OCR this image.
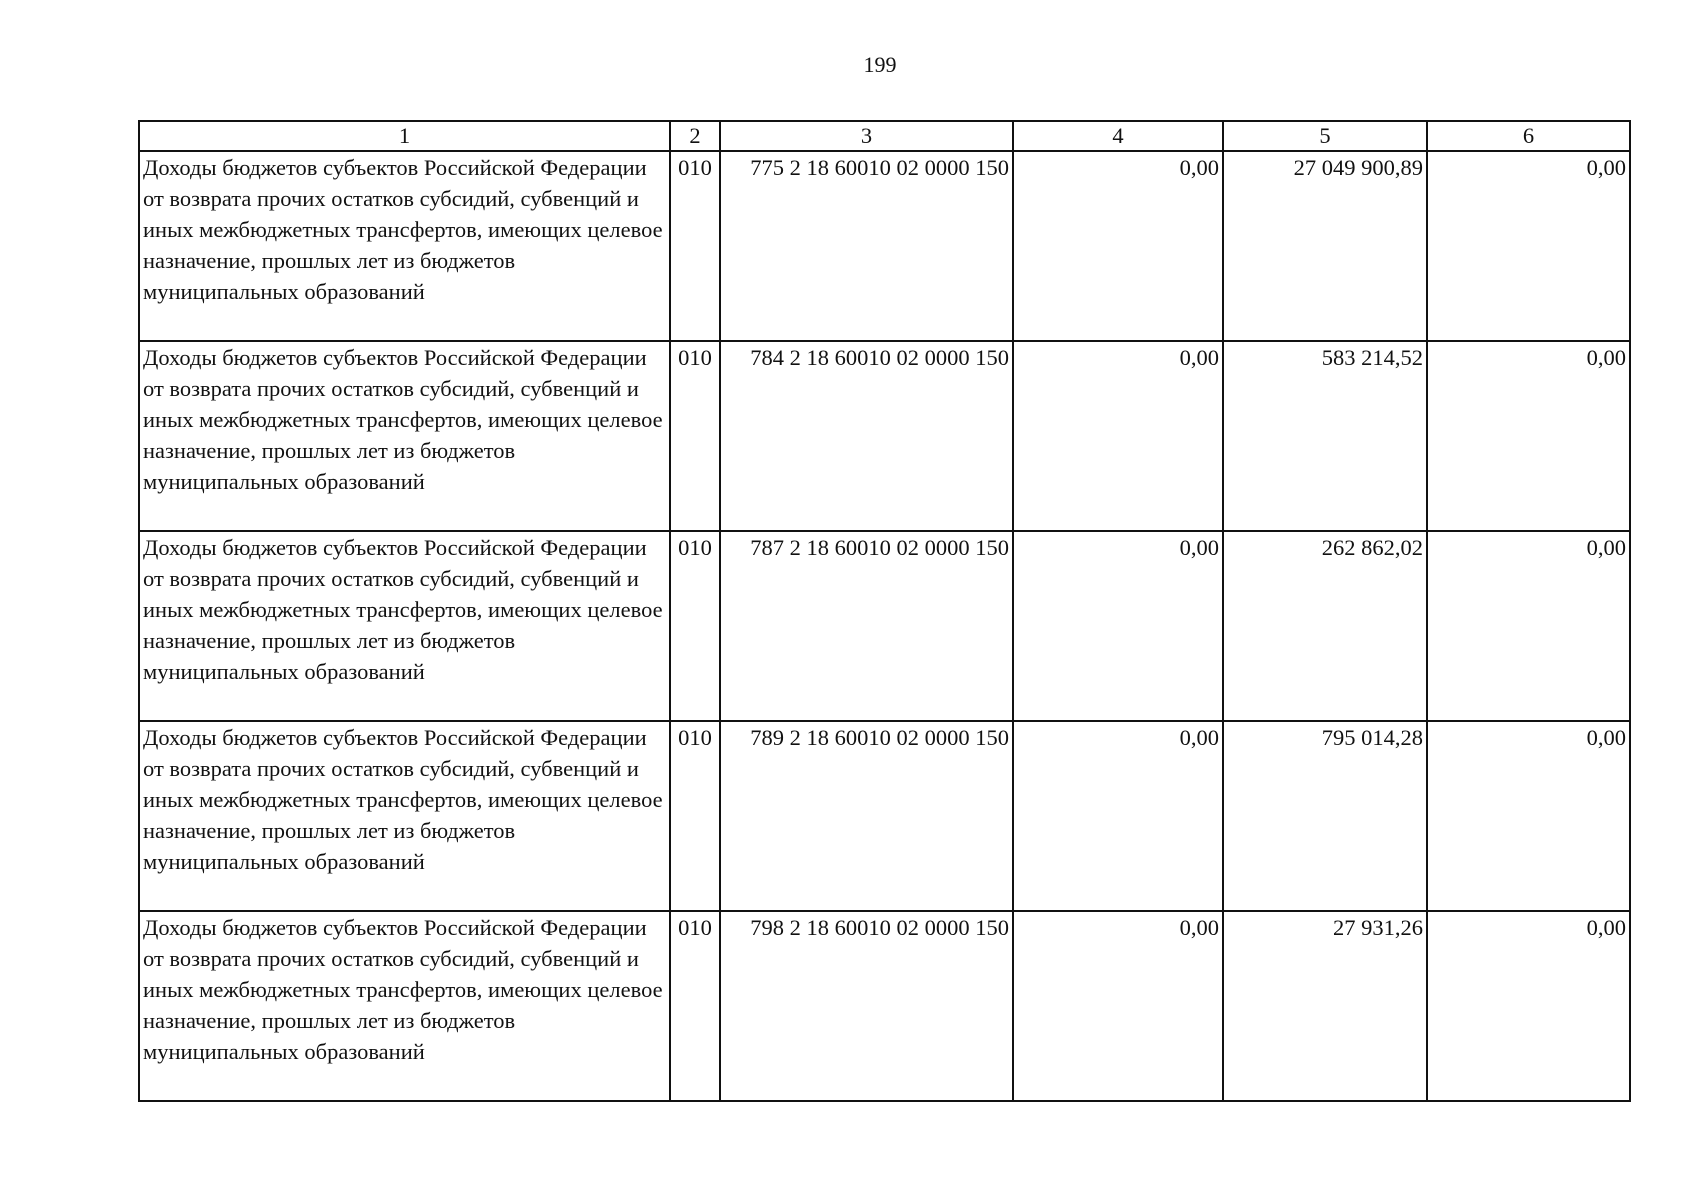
199
1	2	3	4	5	6
Доходы бюджетов субъектов Российской Федерации от возврата прочих остатков субсидий, субвенций и иных межбюджетных трансфертов, имеющих целевое назначение, прошлых лет из бюджетов муниципальных образований	010	775 2 18 60010 02 0000 150	0,00	27 049 900,89	0,00
Доходы бюджетов субъектов Российской Федерации от возврата прочих остатков субсидий, субвенций и иных межбюджетных трансфертов, имеющих целевое назначение, прошлых лет из бюджетов муниципальных образований	010	784 2 18 60010 02 0000 150	0,00	583 214,52	0,00
Доходы бюджетов субъектов Российской Федерации от возврата прочих остатков субсидий, субвенций и иных межбюджетных трансфертов, имеющих целевое назначение, прошлых лет из бюджетов муниципальных образований	010	787 2 18 60010 02 0000 150	0,00	262 862,02	0,00
Доходы бюджетов субъектов Российской Федерации от возврата прочих остатков субсидий, субвенций и иных межбюджетных трансфертов, имеющих целевое назначение, прошлых лет из бюджетов муниципальных образований	010	789 2 18 60010 02 0000 150	0,00	795 014,28	0,00
Доходы бюджетов субъектов Российской Федерации от возврата прочих остатков субсидий, субвенций и иных межбюджетных трансфертов, имеющих целевое назначение, прошлых лет из бюджетов муниципальных образований	010	798 2 18 60010 02 0000 150	0,00	27 931,26	0,00
